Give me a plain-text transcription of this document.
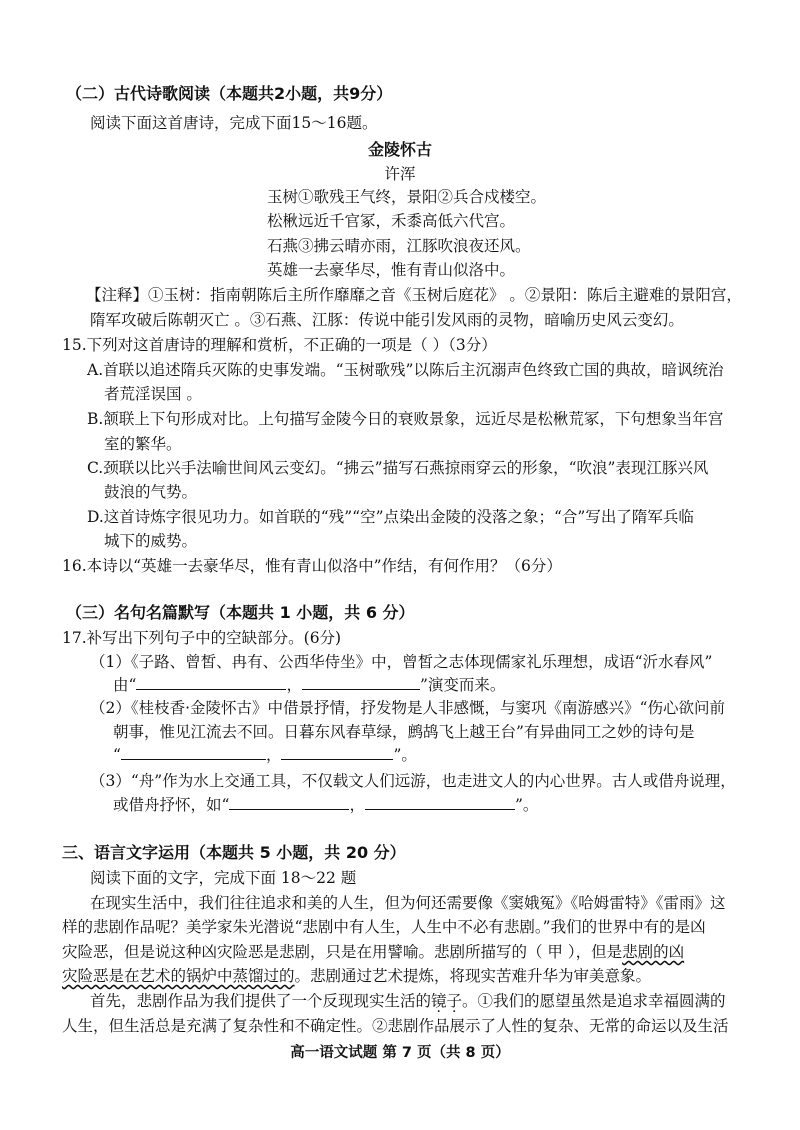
（二）古代诗歌阅读（本题共2小题，共9分）
阅读下面这首唐诗，完成下面15～16题。
金陵怀古
许浑
玉树①歌残王气终，景阳②兵合戍楼空。
松楸远近千官冢，禾黍高低六代宫。
石燕③拂云晴亦雨，江豚吹浪夜还风。
英雄一去豪华尽，惟有青山似洛中。
【注释】①玉树：指南朝陈后主所作靡靡之音《玉树后庭花》 。②景阳：陈后主避难的景阳宫，
隋军攻破后陈朝灭亡 。③石燕、江豚：传说中能引发风雨的灵物，暗喻历史风云变幻。
15.下列对这首唐诗的理解和赏析，不正确的一项是（ ）（3分）
A.首联以追述隋兵灭陈的史事发端。“玉树歌残”以陈后主沉溺声色终致亡国的典故，暗讽统治
者荒淫误国 。
B.颔联上下句形成对比。上句描写金陵今日的衰败景象，远近尽是松楸荒冢，下句想象当年宫
室的繁华。
C.颈联以比兴手法喻世间风云变幻。“拂云”描写石燕掠雨穿云的形象，“吹浪”表现江豚兴风
鼓浪的气势。
D.这首诗炼字很见功力。如首联的“残”“空”点染出金陵的没落之象；“合”写出了隋军兵临
城下的威势。
16.本诗以“英雄一去豪华尽，惟有青山似洛中”作结，有何作用？（6分）
（三）名句名篇默写（本题共 1 小题，共 6 分）
17.补写出下列句子中的空缺部分。(6分)
（1）《子路、曾皙、冉有、公西华侍坐》中，曾皙之志体现儒家礼乐理想，成语“沂水春风”
由“	，	”演变而来。
（2）《桂枝香·金陵怀古》中借景抒情，抒发物是人非感慨，与窦巩《南游感兴》“伤心欲问前
朝事，惟见江流去不回。日暮东风春草绿，鹧鸪飞上越王台”有异曲同工之妙的诗句是
“	，	”。
（3）“舟”作为水上交通工具，不仅载文人们远游，也走进文人的内心世界。古人或借舟说理，
或借舟抒怀，如“	，	”。
三、语言文字运用（本题共 5 小题，共 20 分）
阅读下面的文字，完成下面 18～22 题
在现实生活中，我们往往追求和美的人生，但为何还需要像《窦娥冤》《哈姆雷特》《雷雨》这
样的悲剧作品呢？美学家朱光潜说“悲剧中有人生，人生中不必有悲剧。”我们的世界中有的是凶
灾险恶，但是说这种凶灾险恶是悲剧，只是在用譬喻。悲剧所描写的（ 甲 ），但是悲剧的凶
灾险恶是在艺术的锅炉中蒸馏过的。悲剧通过艺术提炼，将现实苦难升华为审美意象。
首先，悲剧作品为我们提供了一个反现现实生活的镜子。①我们的愿望虽然是追求幸福圆满的
人生，但生活总是充满了复杂性和不确定性。②悲剧作品展示了人性的复杂、无常的命运以及生活
高一语文试题 第 7 页（共 8 页）
